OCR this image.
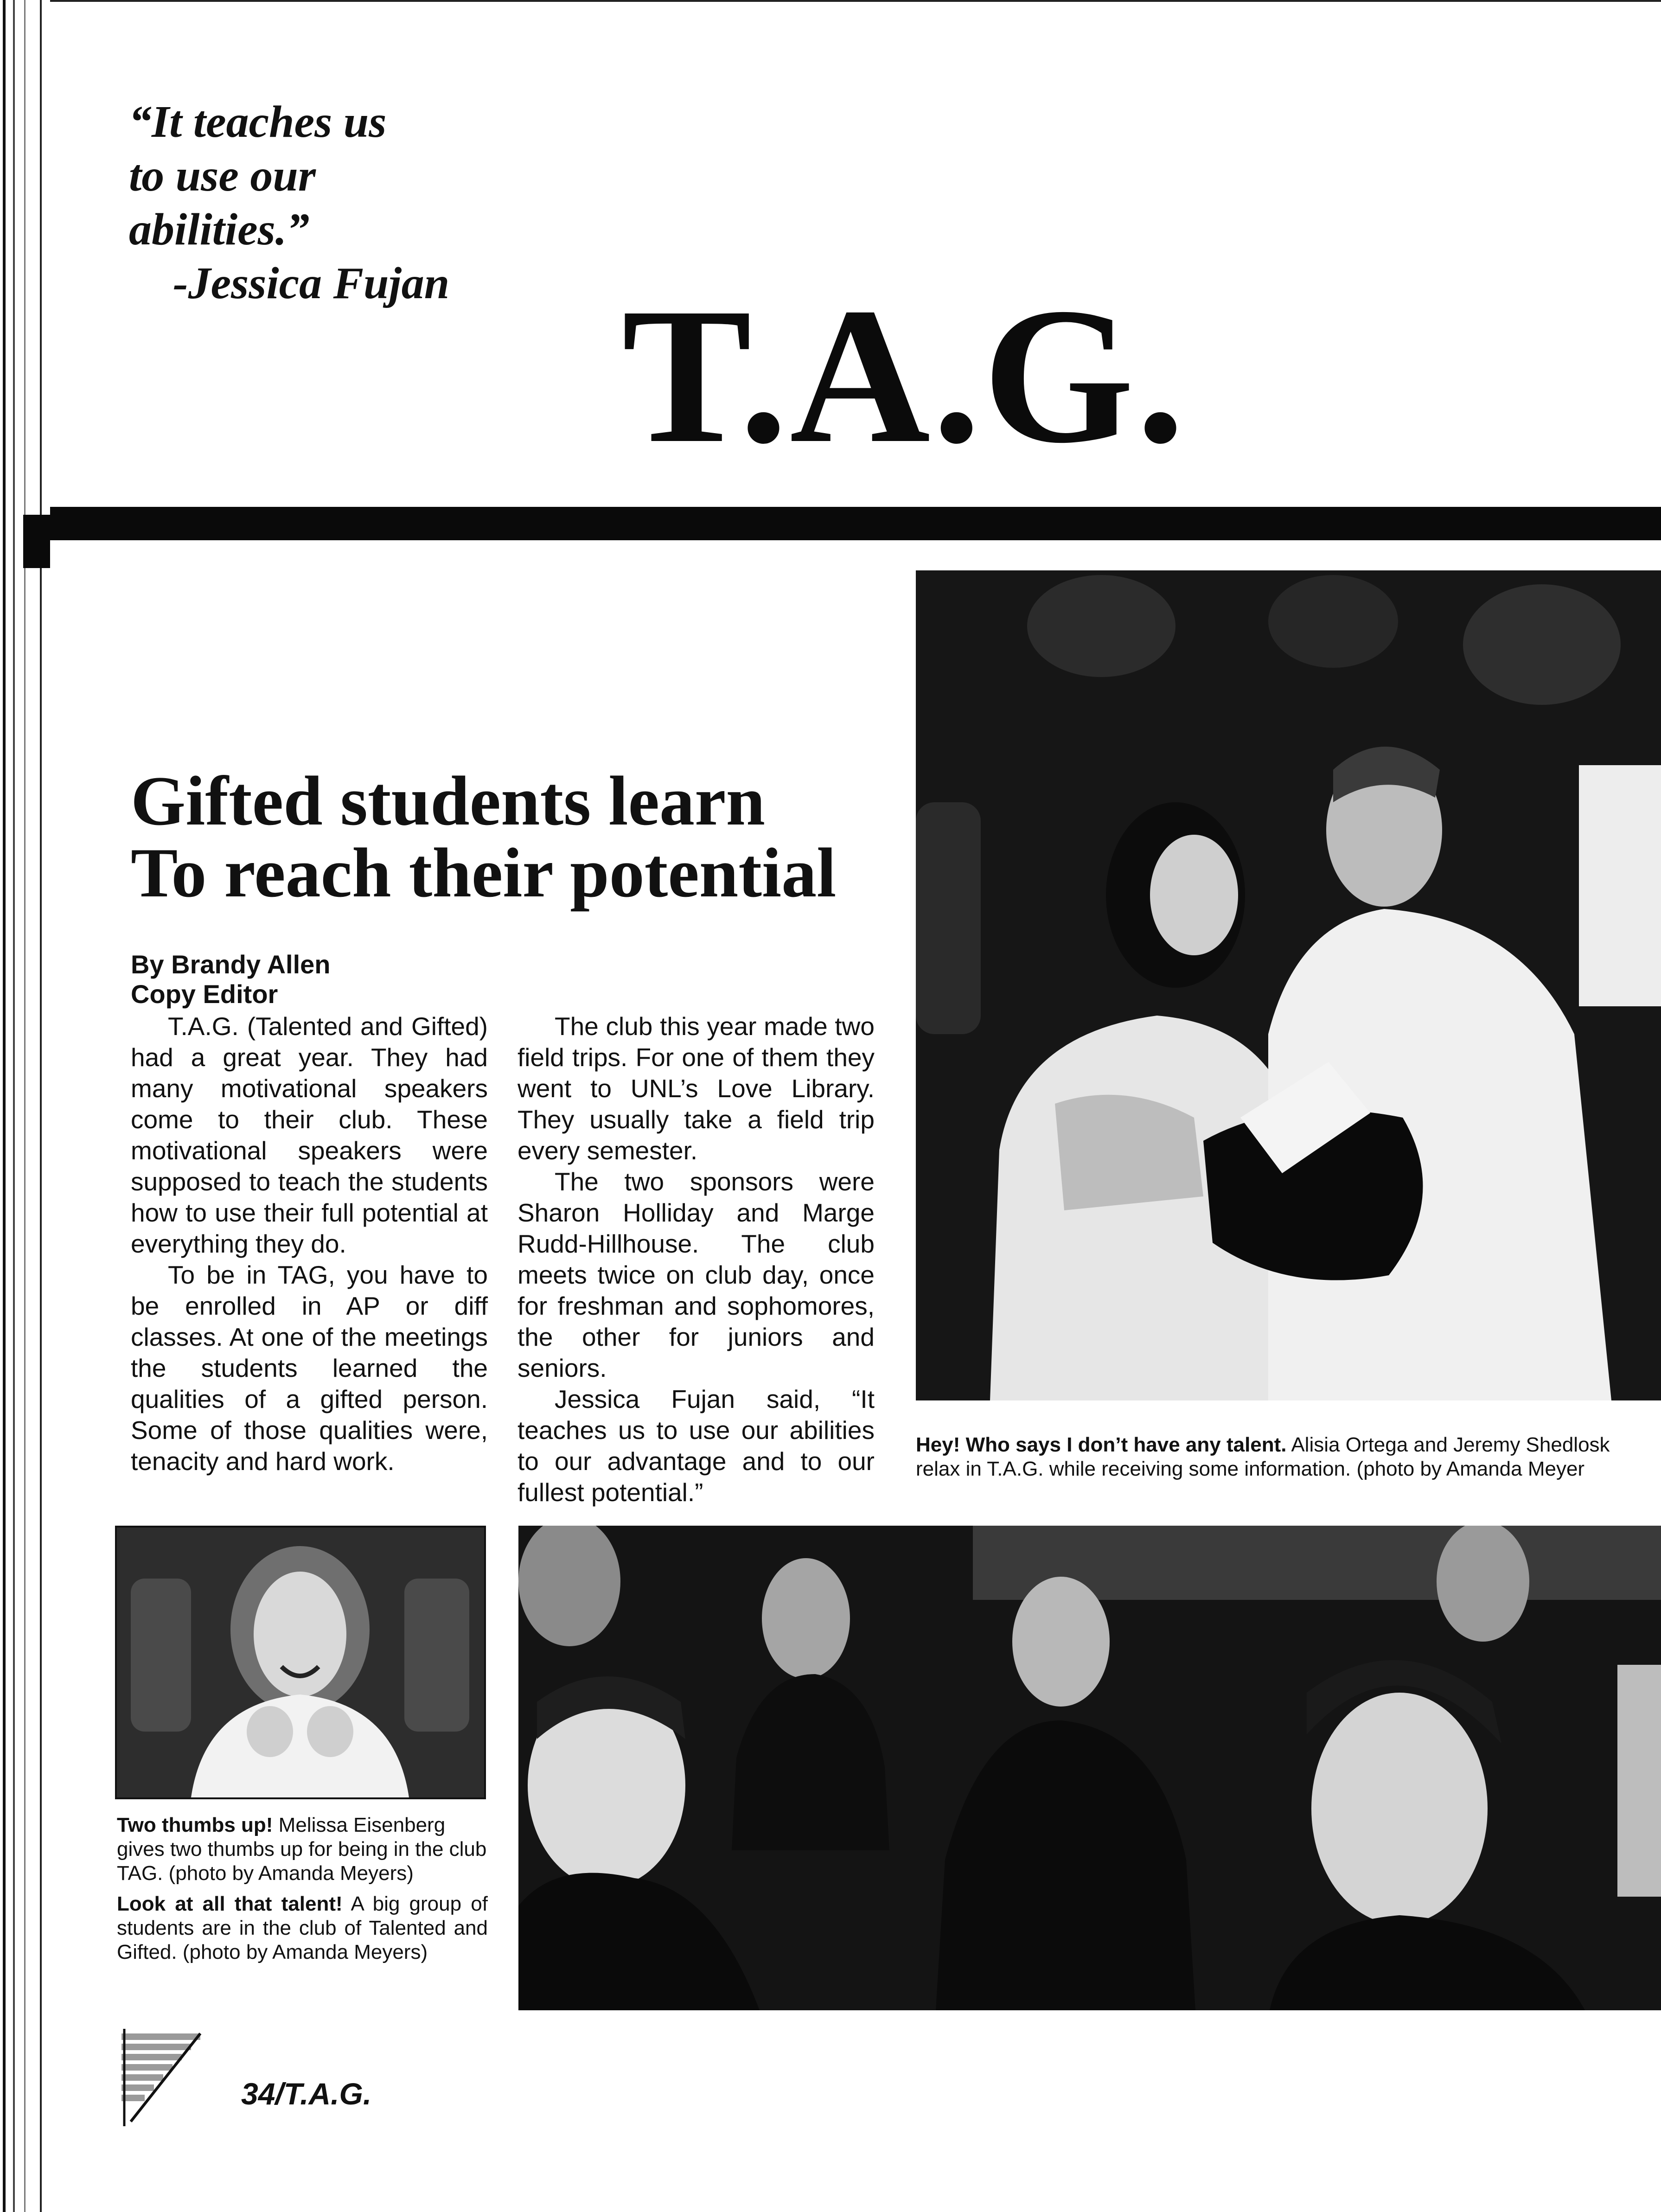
“It teaches us
to use our
abilities.”
-Jessica Fujan T.A.G.
Gifted students learn
To reach their potential
By Brandy Allen
Copy Editor

T.A.G. (Talented and Gifted) had a great year. They had many motivational speakers come to their club. These motivational speakers were supposed to teach the students how to use their full potential at everything they do.

To be in TAG, you have to be enrolled in AP or diff classes. At one of the meetings the students learned the qualities of a gifted person. Some of those qualities were, tenacity and hard work.

The club this year made two field trips. For one of them they went to UNL’s Love Library. They usually take a field trip every semester.

The two sponsors were Sharon Holliday and Marge Rudd-Hillhouse. The club meets twice on club day, once for freshman and sophomores, the other for juniors and seniors.

Jessica Fujan said, “It teaches us to use our abilities to our advantage and to our fullest potential.”

Hey! Who says I don’t have any talent. Alisia Ortega and Jeremy Shedlosk
relax in T.A.G. while receiving some information. (photo by Amanda Meyer
Two thumbs up! Melissa Eisenberg gives two thumbs up for being in the club TAG. (photo by Amanda Meyers)
Look at all that talent! A big group of students are in the club of Talented and Gifted. (photo by Amanda Meyers)
34/T.A.G.
